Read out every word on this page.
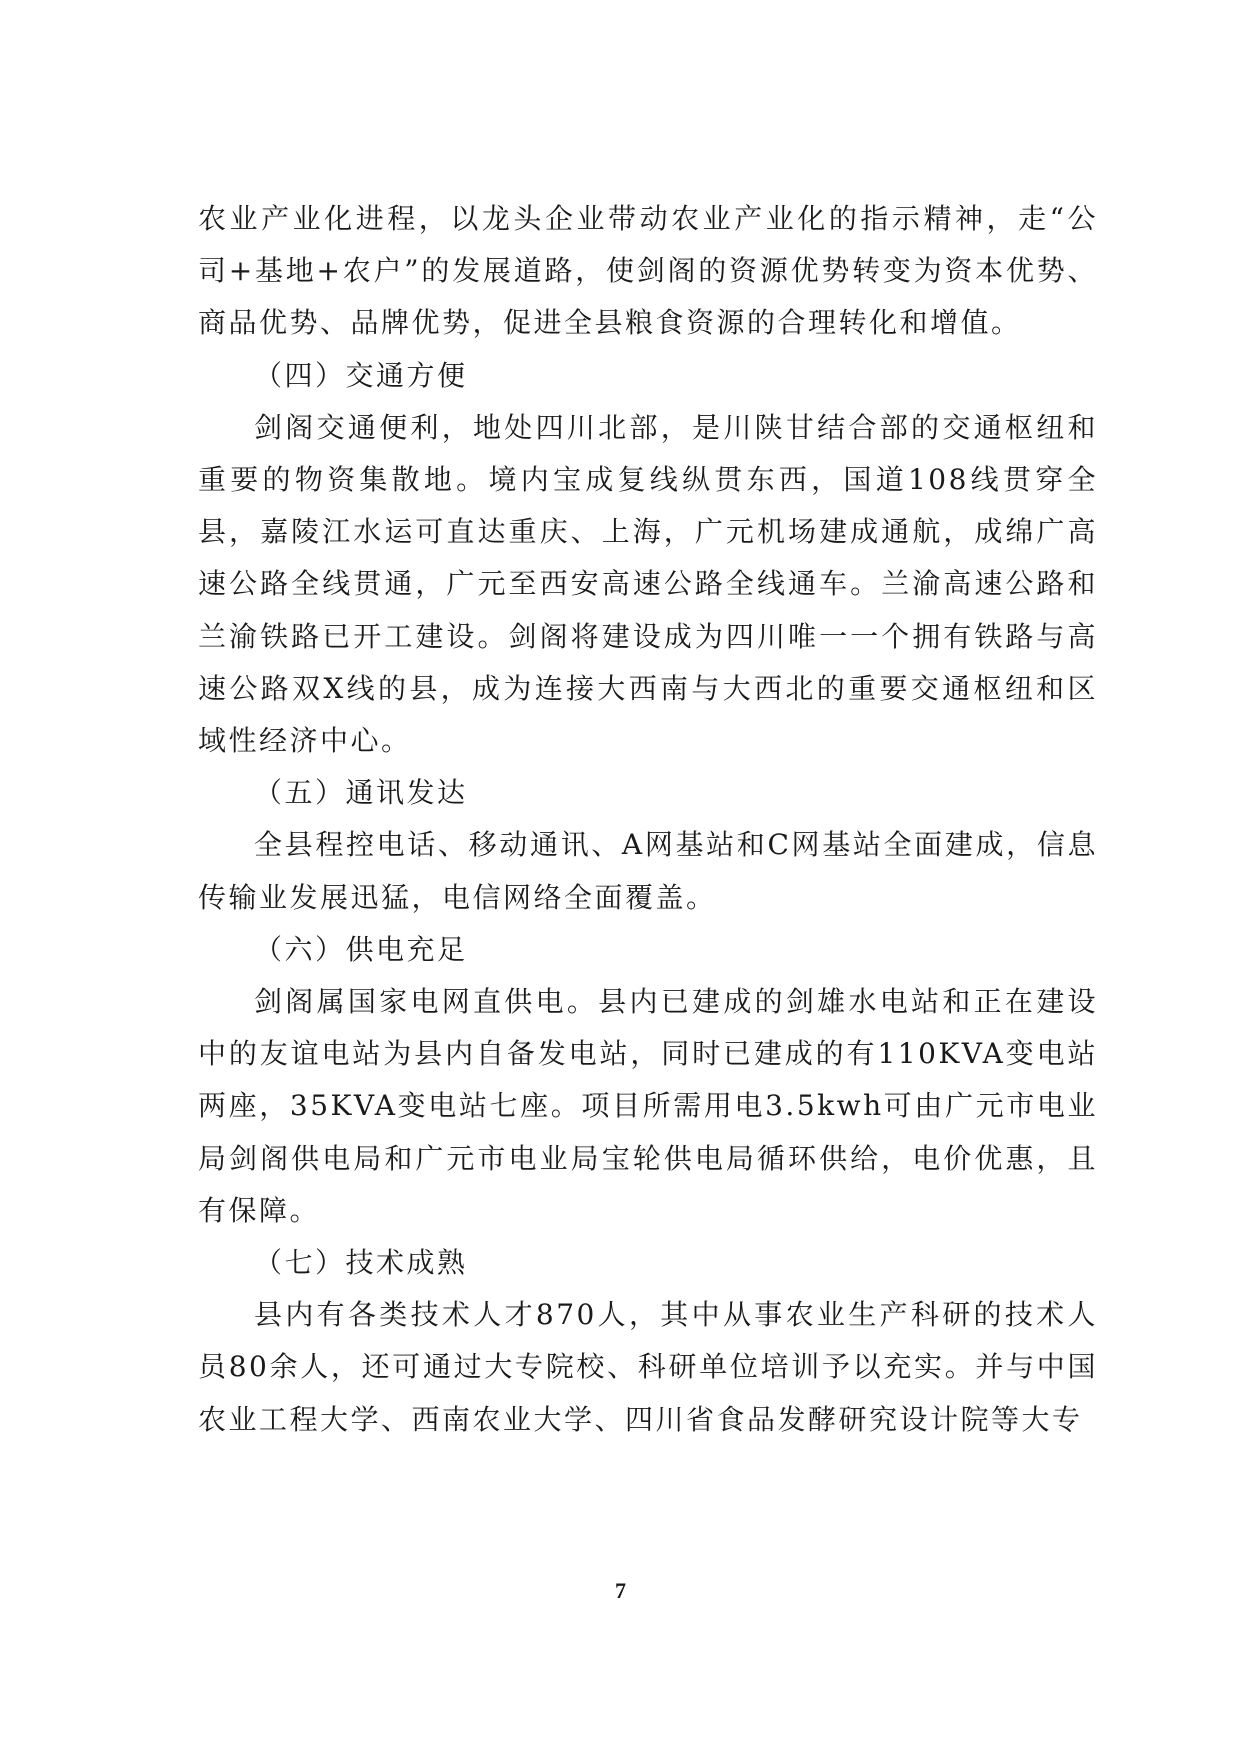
农业产业化进程，以龙头企业带动农业产业化的指示精神，走“公司+基地+农户”的发展道路，使剑阁的资源优势转变为资本优势、商品优势、品牌优势，促进全县粮食资源的合理转化和增值。

（四）交通方便

剑阁交通便利，地处四川北部，是川陕甘结合部的交通枢纽和重要的物资集散地。境内宝成复线纵贯东西，国道108线贯穿全县，嘉陵江水运可直达重庆、上海，广元机场建成通航，成绵广高速公路全线贯通，广元至西安高速公路全线通车。兰渝高速公路和兰渝铁路已开工建设。剑阁将建设成为四川唯一一个拥有铁路与高速公路双X线的县，成为连接大西南与大西北的重要交通枢纽和区域性经济中心。

（五）通讯发达

全县程控电话、移动通讯、A网基站和C网基站全面建成，信息传输业发展迅猛，电信网络全面覆盖。

（六）供电充足

剑阁属国家电网直供电。县内已建成的剑雄水电站和正在建设中的友谊电站为县内自备发电站，同时已建成的有110KVA变电站两座，35KVA变电站七座。项目所需用电3.5kwh可由广元市电业局剑阁供电局和广元市电业局宝轮供电局循环供给，电价优惠，且有保障。

（七）技术成熟

县内有各类技术人才870人，其中从事农业生产科研的技术人员80余人，还可通过大专院校、科研单位培训予以充实。并与中国农业工程大学、西南农业大学、四川省食品发酵研究设计院等大专

7
